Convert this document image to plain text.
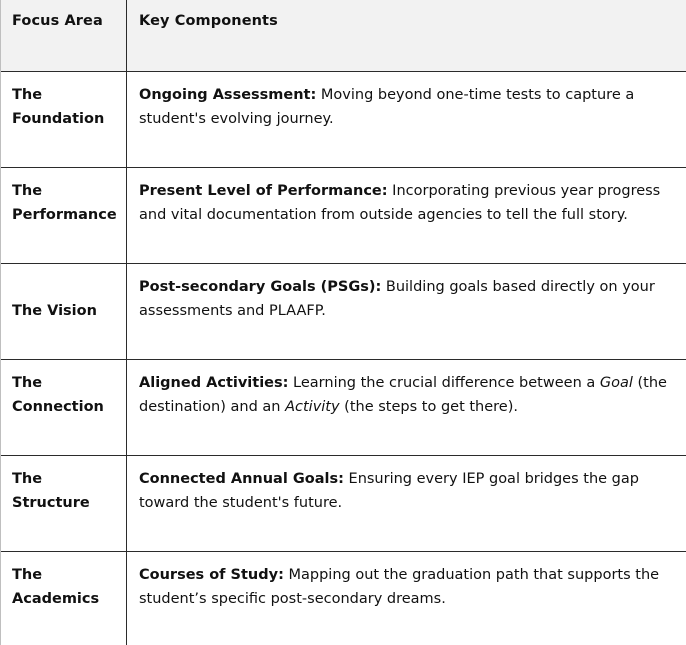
Focus Area	Key Components
The Foundation
Ongoing Assessment: Moving beyond one-time tests to capture a student's evolving journey.
The Performance
Present Level of Performance: Incorporating previous year progress and vital documentation from outside agencies to tell the full story.
The Vision
Post-secondary Goals (PSGs): Building goals based directly on your assessments and PLAAFP.
The Connection
Aligned Activities: Learning the crucial difference between a Goal (the destination) and an Activity (the steps to get there).
The Structure
Connected Annual Goals: Ensuring every IEP goal bridges the gap toward the student's future.
The Academics
Courses of Study: Mapping out the graduation path that supports the student’s specific post-secondary dreams.
